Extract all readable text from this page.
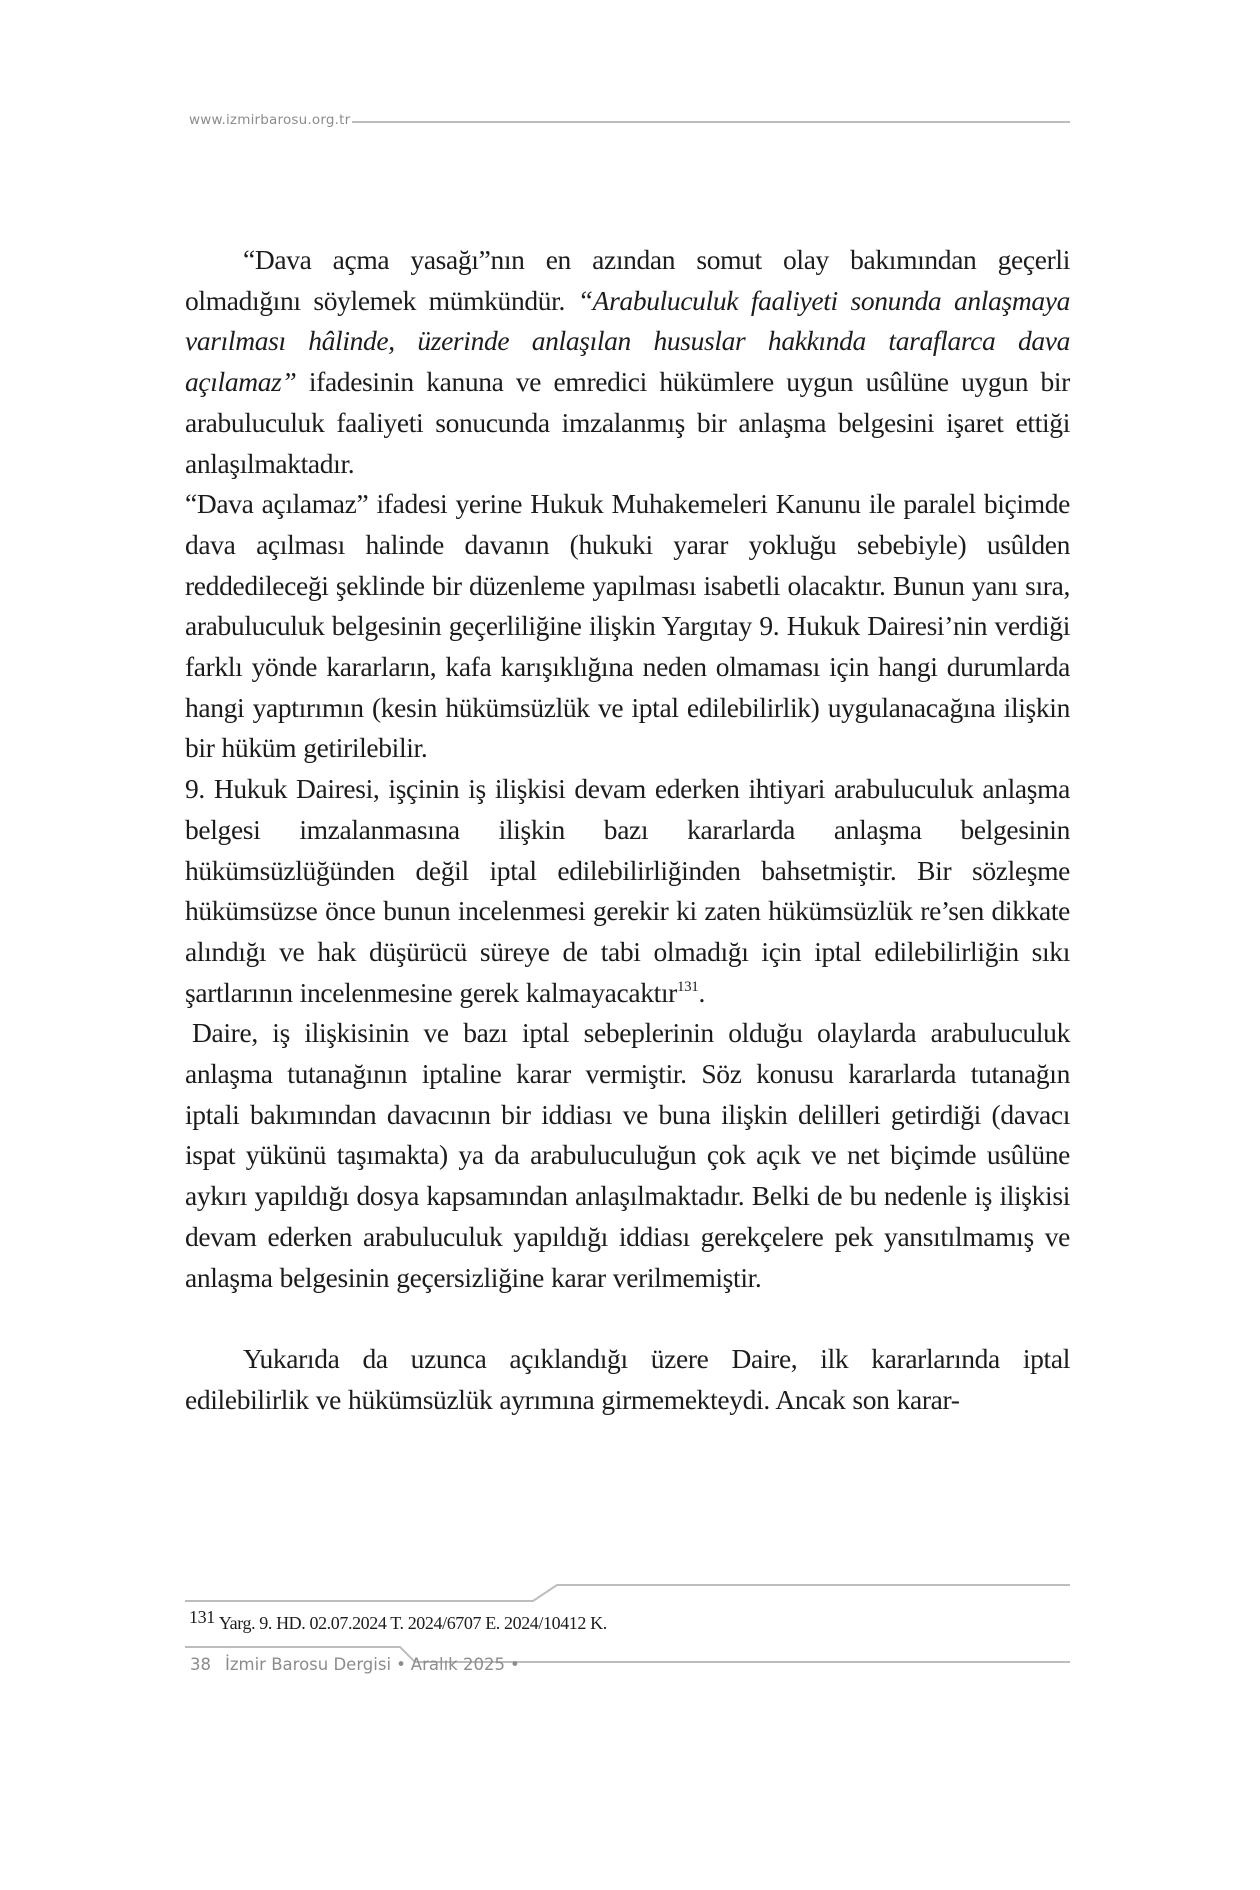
www.izmirbarosu.org.tr

“Dava açma yasağı”nın en azından somut olay bakımından geçerli olmadığını söylemek mümkündür. “Arabuluculuk faaliyeti sonunda anlaşmaya varılması hâlinde, üzerinde anlaşılan hususlar hakkında taraflarca dava açılamaz” ifadesinin kanuna ve emredici hükümlere uygun usûlüne uygun bir arabuluculuk faaliyeti sonucunda imzalanmış bir anlaşma belgesini işaret ettiği anlaşılmaktadır.

“Dava açılamaz” ifadesi yerine Hukuk Muhakemeleri Kanunu ile paralel biçimde dava açılması halinde davanın (hukuki yarar yokluğu sebebiyle) usûlden reddedileceği şeklinde bir düzenleme yapılması isabetli olacaktır. Bunun yanı sıra, arabuluculuk belgesinin geçerliliğine ilişkin Yargıtay 9. Hukuk Dairesi’nin verdiği farklı yönde kararların, kafa karışıklığına neden olmaması için hangi durumlarda hangi yaptırımın (kesin hükümsüzlük ve iptal edilebilirlik) uygulanacağına ilişkin bir hüküm getirilebilir.

9. Hukuk Dairesi, işçinin iş ilişkisi devam ederken ihtiyari arabuluculuk anlaşma belgesi imzalanmasına ilişkin bazı kararlarda anlaşma belgesinin hükümsüzlüğünden değil iptal edilebilirliğinden bahsetmiştir. Bir sözleşme hükümsüzse önce bunun incelenmesi gerekir ki zaten hükümsüzlük re’sen dikkate alındığı ve hak düşürücü süreye de tabi olmadığı için iptal edilebilirliğin sıkı şartlarının incelenmesine gerek kalmayacaktır$^{131}$.

Daire, iş ilişkisinin ve bazı iptal sebeplerinin olduğu olaylarda arabuluculuk anlaşma tutanağının iptaline karar vermiştir. Söz konusu kararlarda tutanağın iptali bakımından davacının bir iddiası ve buna ilişkin delilleri getirdiği (davacı ispat yükünü taşımakta) ya da arabuluculuğun çok açık ve net biçimde usûlüne aykırı yapıldığı dosya kapsamından anlaşılmaktadır. Belki de bu nedenle iş ilişkisi devam ederken arabuluculuk yapıldığı iddiası gerekçelere pek yansıtılmamış ve anlaşma belgesinin geçersizliğine karar verilmemiştir.

Yukarıda da uzunca açıklandığı üzere Daire, ilk kararlarında iptal edilebilirlik ve hükümsüzlük ayrımına girmemekteydi. Ancak son karar-

131 Yarg. 9. HD. 02.07.2024 T. 2024/6707 E. 2024/10412 K.
38 İzmir Barosu Dergisi • Aralık 2025 •
